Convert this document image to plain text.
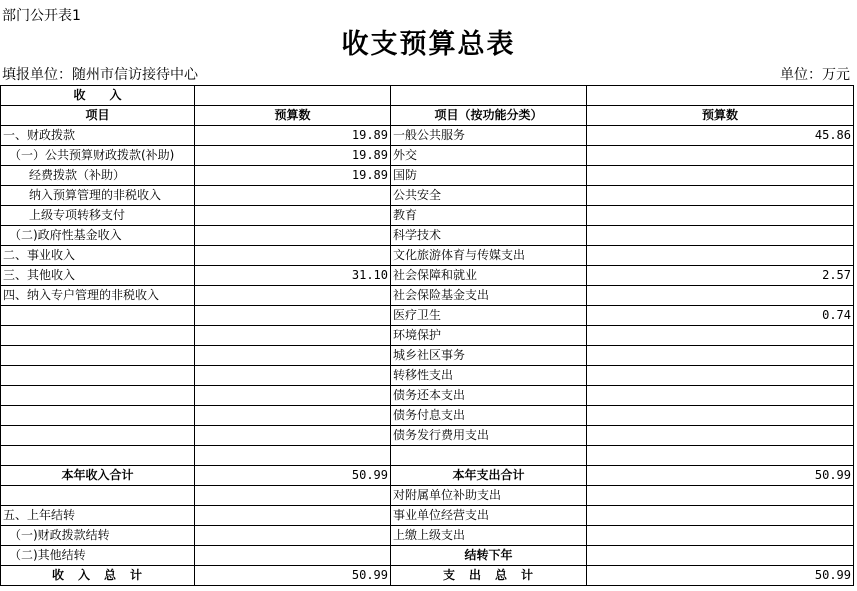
部门公开表1
收支预算总表
填报单位：随州市信访接待中心	单位：万元
收　　入			
项目	预算数	项目（按功能分类）	预算数
一、财政拨款	19.89	一般公共服务	45.86
（一）公共预算财政拨款(补助)	19.89	外交	
经费拨款（补助）	19.89	国防	
纳入预算管理的非税收入		公共安全	
上级专项转移支付		教育	
（二)政府性基金收入		科学技术	
二、事业收入		文化旅游体育与传媒支出	
三、其他收入	31.10	社会保障和就业	2.57
四、纳入专户管理的非税收入		社会保险基金支出	
		医疗卫生	0.74
		环境保护	
		城乡社区事务	
		转移性支出	
		债务还本支出	
		债务付息支出	
		债务发行费用支出	

本年收入合计	50.99	本年支出合计	50.99
		对附属单位补助支出	
五、上年结转		事业单位经营支出	
（一)财政拨款结转		上缴上级支出	
（二)其他结转		结转下年	
收　入　总　计	50.99	支　出　总　计	50.99
